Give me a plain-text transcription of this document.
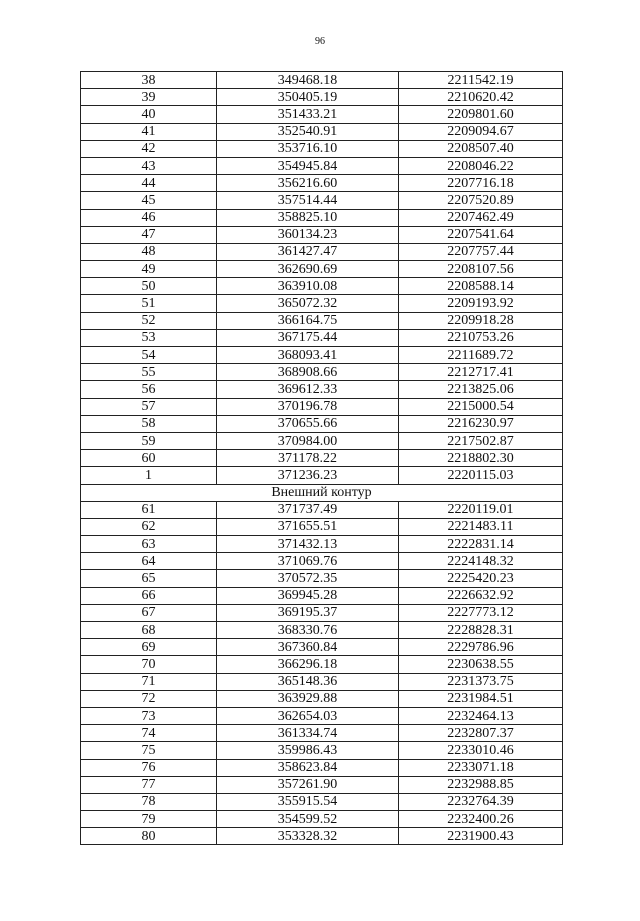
96
38	349468.18	2211542.19
39	350405.19	2210620.42
40	351433.21	2209801.60
41	352540.91	2209094.67
42	353716.10	2208507.40
43	354945.84	2208046.22
44	356216.60	2207716.18
45	357514.44	2207520.89
46	358825.10	2207462.49
47	360134.23	2207541.64
48	361427.47	2207757.44
49	362690.69	2208107.56
50	363910.08	2208588.14
51	365072.32	2209193.92
52	366164.75	2209918.28
53	367175.44	2210753.26
54	368093.41	2211689.72
55	368908.66	2212717.41
56	369612.33	2213825.06
57	370196.78	2215000.54
58	370655.66	2216230.97
59	370984.00	2217502.87
60	371178.22	2218802.30
1	371236.23	2220115.03
Внешний контур		
61	371737.49	2220119.01
62	371655.51	2221483.11
63	371432.13	2222831.14
64	371069.76	2224148.32
65	370572.35	2225420.23
66	369945.28	2226632.92
67	369195.37	2227773.12
68	368330.76	2228828.31
69	367360.84	2229786.96
70	366296.18	2230638.55
71	365148.36	2231373.75
72	363929.88	2231984.51
73	362654.03	2232464.13
74	361334.74	2232807.37
75	359986.43	2233010.46
76	358623.84	2233071.18
77	357261.90	2232988.85
78	355915.54	2232764.39
79	354599.52	2232400.26
80	353328.32	2231900.43
